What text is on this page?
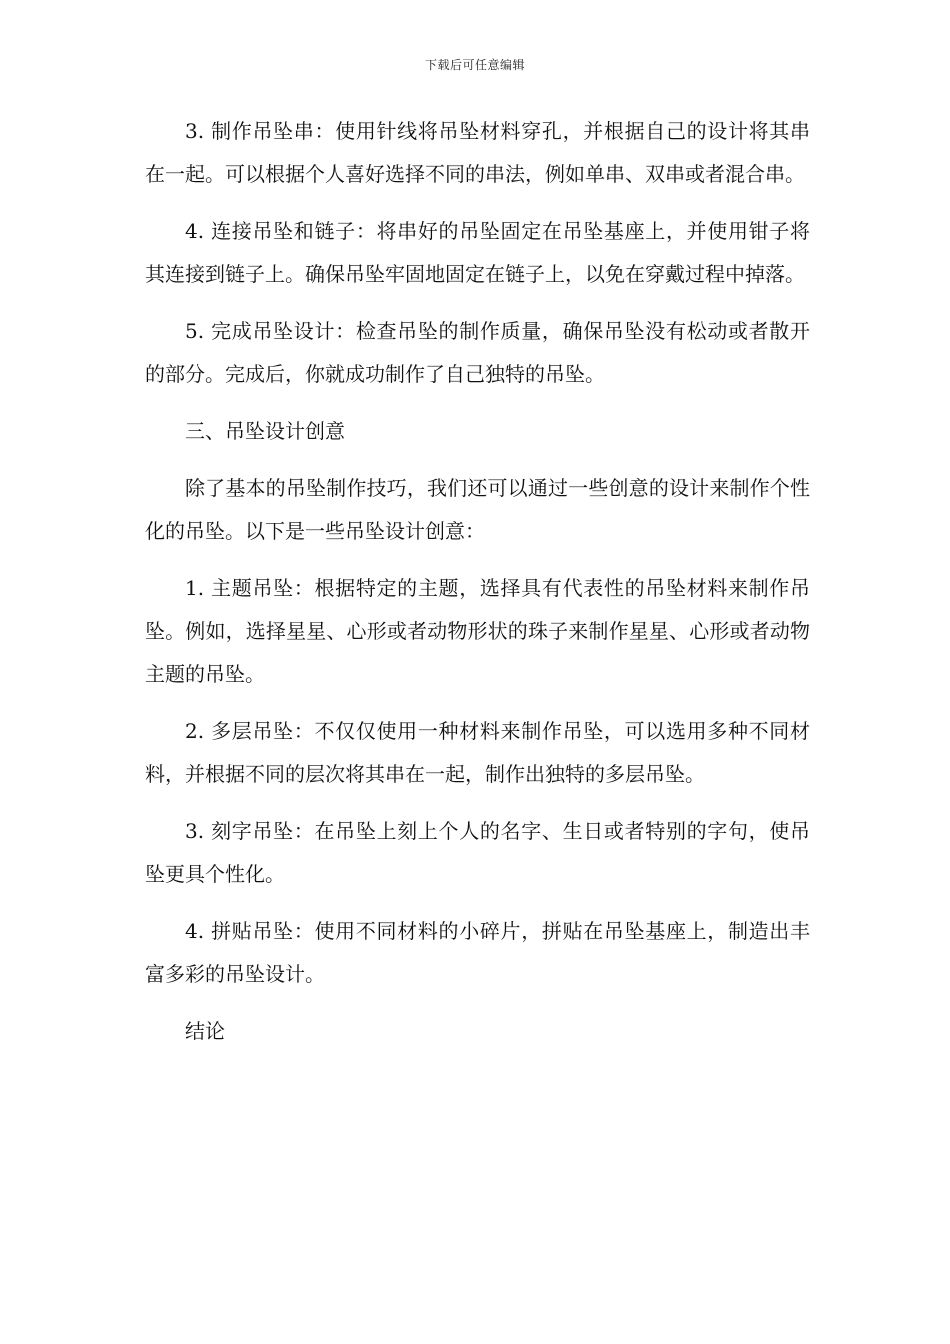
下载后可任意编辑

3. 制作吊坠串：使用针线将吊坠材料穿孔，并根据自己的设计将其串在一起。可以根据个人喜好选择不同的串法，例如单串、双串或者混合串。

4. 连接吊坠和链子：将串好的吊坠固定在吊坠基座上，并使用钳子将其连接到链子上。确保吊坠牢固地固定在链子上，以免在穿戴过程中掉落。

5. 完成吊坠设计：检查吊坠的制作质量，确保吊坠没有松动或者散开的部分。完成后，你就成功制作了自己独特的吊坠。

三、吊坠设计创意

除了基本的吊坠制作技巧，我们还可以通过一些创意的设计来制作个性化的吊坠。以下是一些吊坠设计创意：

1. 主题吊坠：根据特定的主题，选择具有代表性的吊坠材料来制作吊坠。例如，选择星星、心形或者动物形状的珠子来制作星星、心形或者动物主题的吊坠。

2. 多层吊坠：不仅仅使用一种材料来制作吊坠，可以选用多种不同材料，并根据不同的层次将其串在一起，制作出独特的多层吊坠。

3. 刻字吊坠：在吊坠上刻上个人的名字、生日或者特别的字句，使吊坠更具个性化。

4. 拼贴吊坠：使用不同材料的小碎片，拼贴在吊坠基座上，制造出丰富多彩的吊坠设计。

结论
